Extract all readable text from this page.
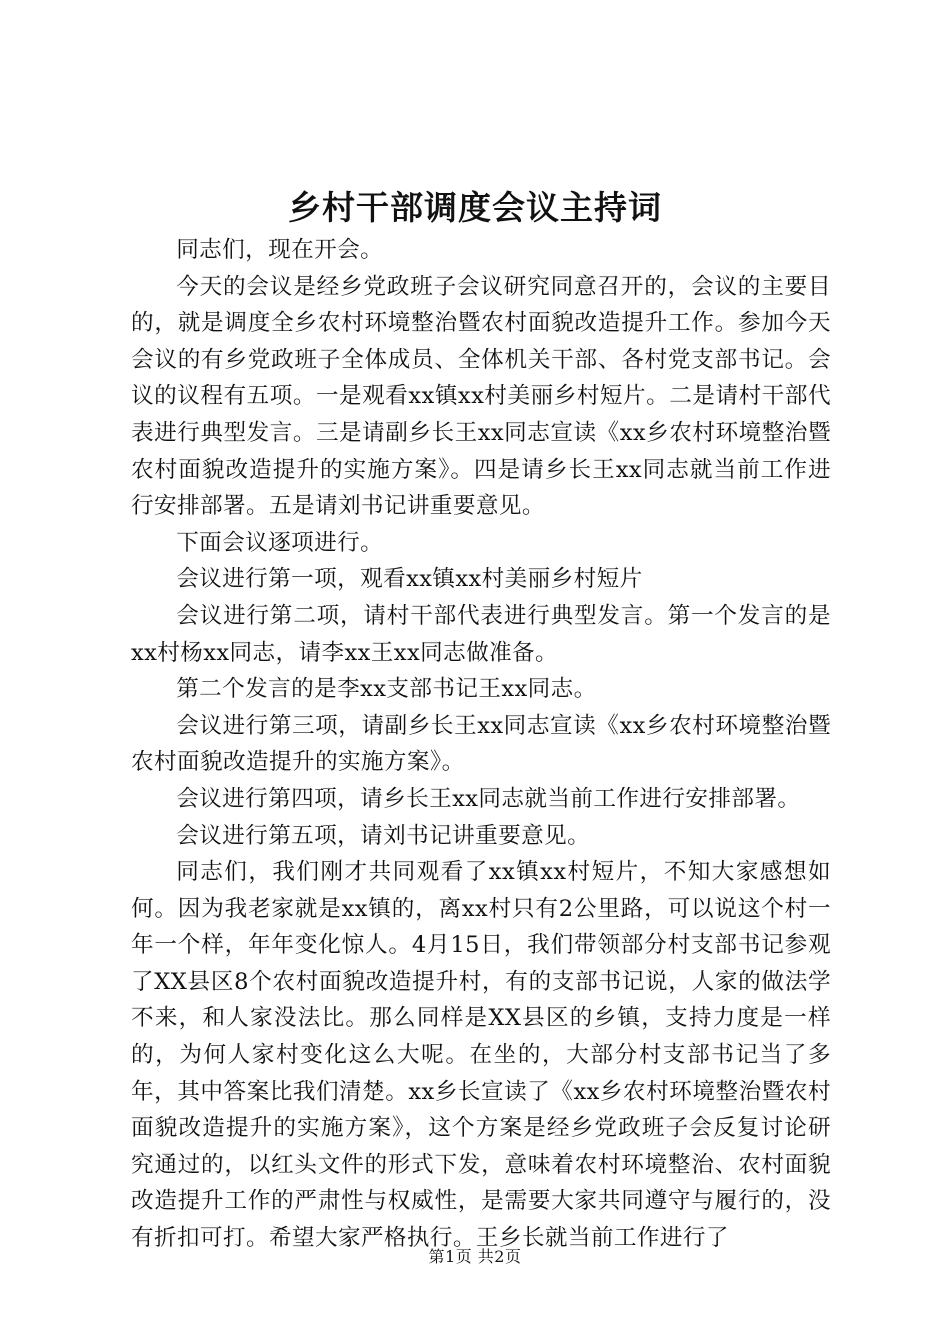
乡村干部调度会议主持词

同志们，现在开会。

今天的会议是经乡党政班子会议研究同意召开的，会议的主要目的，就是调度全乡农村环境整治暨农村面貌改造提升工作。参加今天会议的有乡党政班子全体成员、全体机关干部、各村党支部书记。会议的议程有五项。一是观看xx镇xx村美丽乡村短片。二是请村干部代表进行典型发言。三是请副乡长王xx同志宣读《xx乡农村环境整治暨农村面貌改造提升的实施方案》。四是请乡长王xx同志就当前工作进行安排部署。五是请刘书记讲重要意见。

下面会议逐项进行。

会议进行第一项，观看xx镇xx村美丽乡村短片

会议进行第二项，请村干部代表进行典型发言。第一个发言的是xx村杨xx同志，请李xx王xx同志做准备。

第二个发言的是李xx支部书记王xx同志。

会议进行第三项，请副乡长王xx同志宣读《xx乡农村环境整治暨农村面貌改造提升的实施方案》。

会议进行第四项，请乡长王xx同志就当前工作进行安排部署。

会议进行第五项，请刘书记讲重要意见。

同志们，我们刚才共同观看了xx镇xx村短片，不知大家感想如何。因为我老家就是xx镇的，离xx村只有2公里路，可以说这个村一年一个样，年年变化惊人。4月15日，我们带领部分村支部书记参观了XX县区8个农村面貌改造提升村，有的支部书记说，人家的做法学不来，和人家没法比。那么同样是XX县区的乡镇，支持力度是一样的，为何人家村变化这么大呢。在坐的，大部分村支部书记当了多年，其中答案比我们清楚。xx乡长宣读了《xx乡农村环境整治暨农村面貌改造提升的实施方案》，这个方案是经乡党政班子会反复讨论研究通过的，以红头文件的形式下发，意味着农村环境整治、农村面貌改造提升工作的严肃性与权威性，是需要大家共同遵守与履行的，没有折扣可打。希望大家严格执行。王乡长就当前工作进行了

第1页 共2页
